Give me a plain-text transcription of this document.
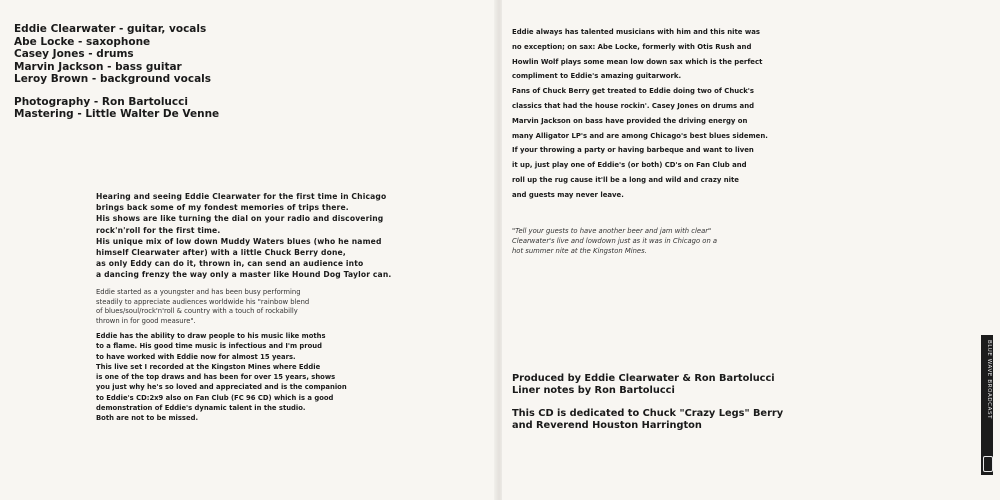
Eddie Clearwater - guitar, vocals
Abe Locke - saxophone
Casey Jones - drums
Marvin Jackson - bass guitar
Leroy Brown - background vocals
Photography - Ron Bartolucci
Mastering - Little Walter De Venne
Hearing and seeing Eddie Clearwater for the first time in Chicago
brings back some of my fondest memories of trips there.
His shows are like turning the dial on your radio and discovering
rock'n'roll for the first time.
His unique mix of low down Muddy Waters blues (who he named
himself Clearwater after) with a little Chuck Berry done,
as only Eddy can do it, thrown in, can send an audience into
a dancing frenzy the way only a master like Hound Dog Taylor can.
Eddie started as a youngster and has been busy performing
steadily to appreciate audiences worldwide his "rainbow blend
of blues/soul/rock'n'roll & country with a touch of rockabilly
thrown in for good measure".
Eddie has the ability to draw people to his music like moths
to a flame. His good time music is infectious and I'm proud
to have worked with Eddie now for almost 15 years.
This live set I recorded at the Kingston Mines where Eddie
is one of the top draws and has been for over 15 years, shows
you just why he's so loved and appreciated and is the companion
to Eddie's CD:2x9 also on Fan Club (FC 96 CD) which is a good
demonstration of Eddie's dynamic talent in the studio.
Both are not to be missed.
Eddie always has talented musicians with him and this nite was
no exception; on sax: Abe Locke, formerly with Otis Rush and
Howlin Wolf plays some mean low down sax which is the perfect
compliment to Eddie's amazing guitarwork.
Fans of Chuck Berry get treated to Eddie doing two of Chuck's
classics that had the house rockin'. Casey Jones on drums and
Marvin Jackson on bass have provided the driving energy on
many Alligator LP's and are among Chicago's best blues sidemen.
If your throwing a party or having barbeque and want to liven
it up, just play one of Eddie's (or both) CD's on Fan Club and
roll up the rug cause it'll be a long and wild and crazy nite
and guests may never leave.
"Tell your guests to have another beer and jam with clear"
Clearwater's live and lowdown just as it was in Chicago on a
hot summer nite at the Kingston Mines.
Produced by Eddie Clearwater & Ron Bartolucci
Liner notes by Ron Bartolucci
This CD is dedicated to Chuck "Crazy Legs" Berry
and Reverend Houston Harrington
BLUE WAVE BROADCAST
